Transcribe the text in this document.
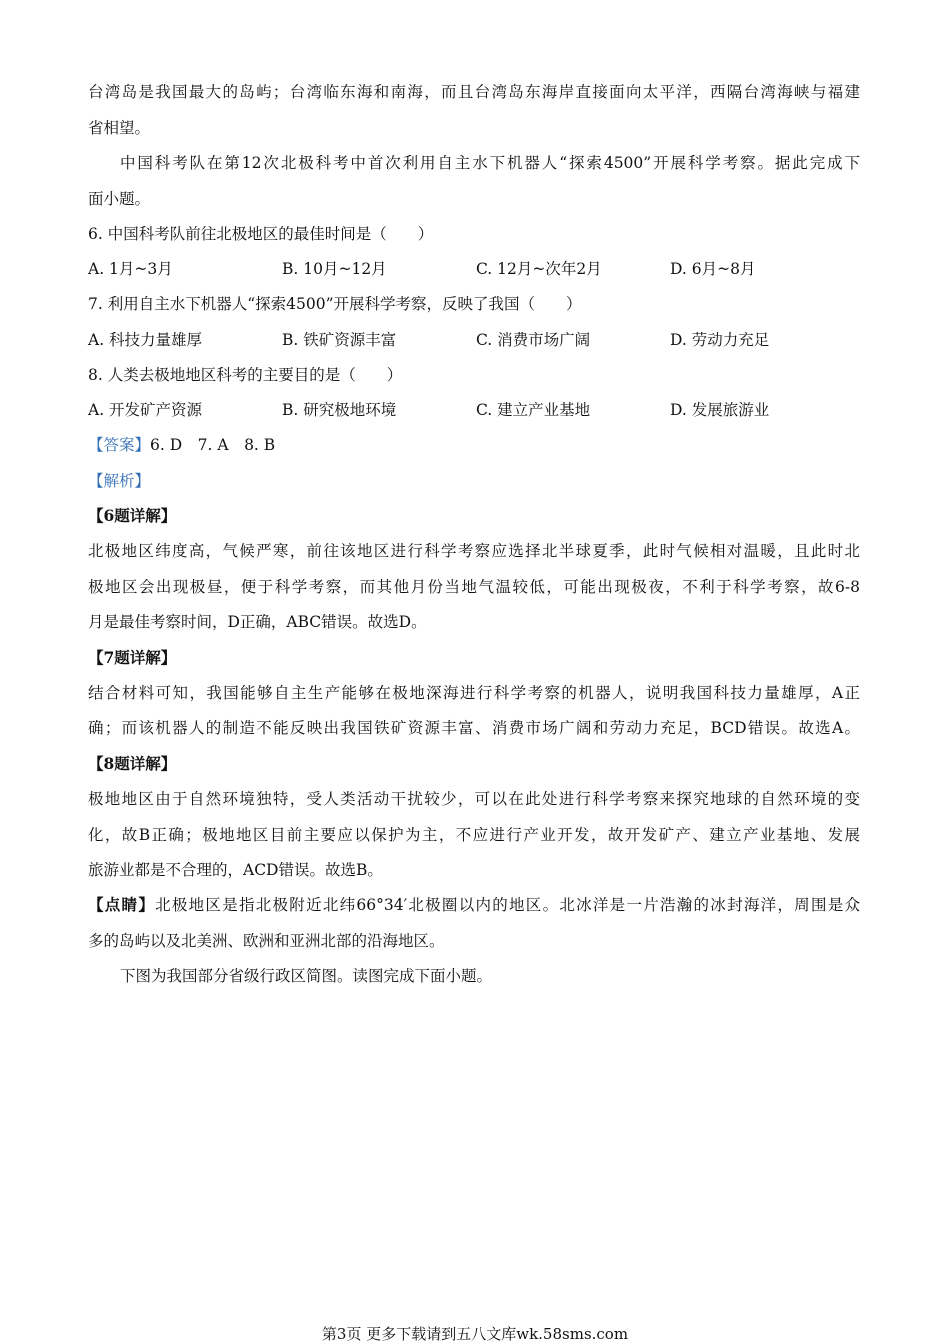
台湾岛是我国最大的岛屿；台湾临东海和南海，而且台湾岛东海岸直接面向太平洋，西隔台湾海峡与福建
省相望。
中国科考队在第12次北极科考中首次利用自主水下机器人“探索4500”开展科学考察。据此完成下
面小题。
6. 中国科考队前往北极地区的最佳时间是（　　）
A. 1月~3月	B. 10月~12月	C. 12月~次年2月	D. 6月~8月
7. 利用自主水下机器人“探索4500”开展科学考察，反映了我国（　　）
A. 科技力量雄厚	B. 铁矿资源丰富	C. 消费市场广阔	D. 劳动力充足
8. 人类去极地地区科考的主要目的是（　　）
A. 开发矿产资源	B. 研究极地环境	C. 建立产业基地	D. 发展旅游业
【答案】6. D　7. A　8. B
【解析】
【6题详解】
北极地区纬度高，气候严寒，前往该地区进行科学考察应选择北半球夏季，此时气候相对温暖，且此时北
极地区会出现极昼，便于科学考察，而其他月份当地气温较低，可能出现极夜，不利于科学考察，故6-8
月是最佳考察时间，D正确，ABC错误。故选D。
【7题详解】
结合材料可知，我国能够自主生产能够在极地深海进行科学考察的机器人，说明我国科技力量雄厚，A正
确；而该机器人的制造不能反映出我国铁矿资源丰富、消费市场广阔和劳动力充足，BCD错误。故选A。
【8题详解】
极地地区由于自然环境独特，受人类活动干扰较少，可以在此处进行科学考察来探究地球的自然环境的变
化，故B正确；极地地区目前主要应以保护为主，不应进行产业开发，故开发矿产、建立产业基地、发展
旅游业都是不合理的，ACD错误。故选B。
【点睛】北极地区是指北极附近北纬66°34′北极圈以内的地区。北冰洋是一片浩瀚的冰封海洋，周围是众
多的岛屿以及北美洲、欧洲和亚洲北部的沿海地区。
下图为我国部分省级行政区简图。读图完成下面小题。
第3页 更多下载请到五八文库wk.58sms.com
